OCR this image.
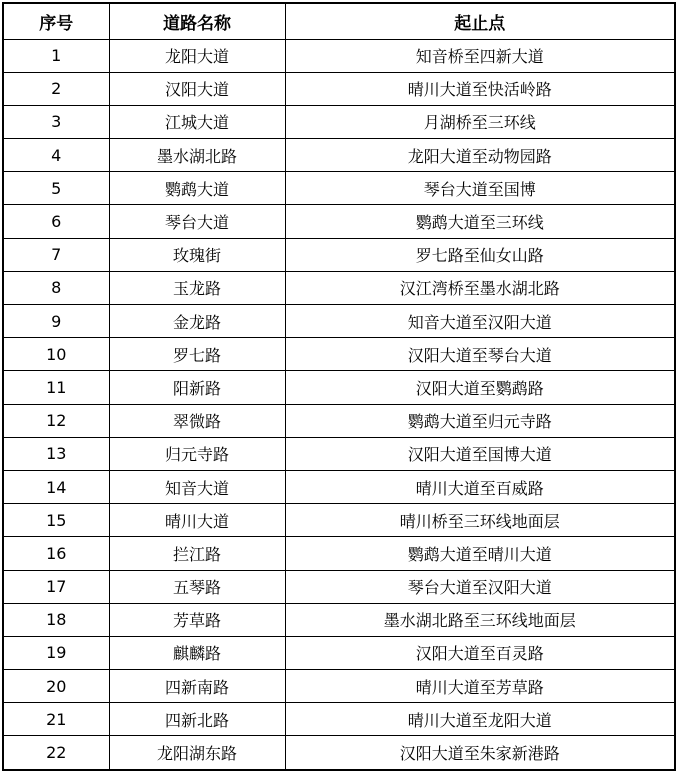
序号	道路名称	起止点
1	龙阳大道	知音桥至四新大道
2	汉阳大道	晴川大道至快活岭路
3	江城大道	月湖桥至三环线
4	墨水湖北路	龙阳大道至动物园路
5	鹦鹉大道	琴台大道至国博
6	琴台大道	鹦鹉大道至三环线
7	玫瑰街	罗七路至仙女山路
8	玉龙路	汉江湾桥至墨水湖北路
9	金龙路	知音大道至汉阳大道
10	罗七路	汉阳大道至琴台大道
11	阳新路	汉阳大道至鹦鹉路
12	翠微路	鹦鹉大道至归元寺路
13	归元寺路	汉阳大道至国博大道
14	知音大道	晴川大道至百威路
15	晴川大道	晴川桥至三环线地面层
16	拦江路	鹦鹉大道至晴川大道
17	五琴路	琴台大道至汉阳大道
18	芳草路	墨水湖北路至三环线地面层
19	麒麟路	汉阳大道至百灵路
20	四新南路	晴川大道至芳草路
21	四新北路	晴川大道至龙阳大道
22	龙阳湖东路	汉阳大道至朱家新港路
